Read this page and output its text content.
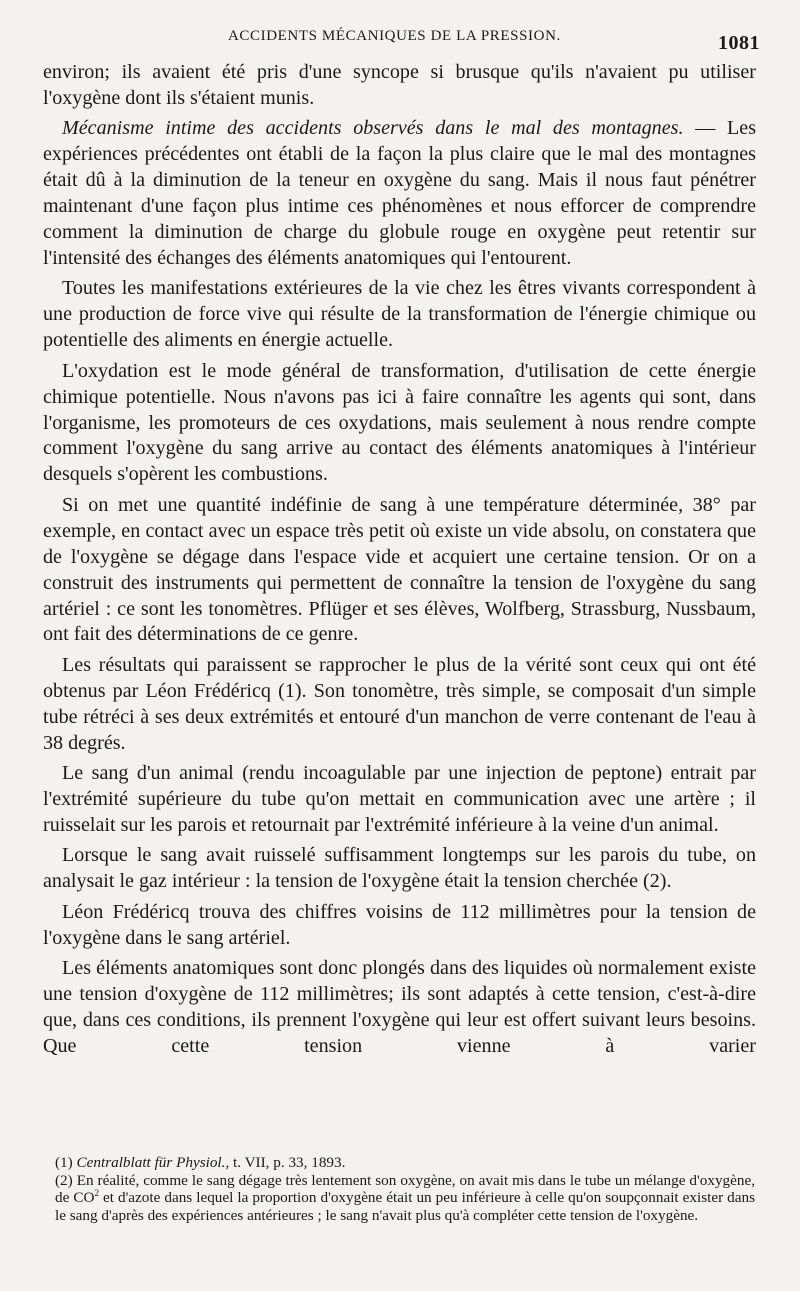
ACCIDENTS MÉCANIQUES DE LA PRESSION.	1081

environ; ils avaient été pris d'une syncope si brusque qu'ils n'avaient pu utiliser l'oxygène dont ils s'étaient munis.

Mécanisme intime des accidents observés dans le mal des montagnes. — Les expériences précédentes ont établi de la façon la plus claire que le mal des montagnes était dû à la diminution de la teneur en oxygène du sang. Mais il nous faut pénétrer maintenant d'une façon plus intime ces phénomènes et nous efforcer de comprendre comment la diminution de charge du globule rouge en oxygène peut retentir sur l'intensité des échanges des éléments anatomiques qui l'entourent.

Toutes les manifestations extérieures de la vie chez les êtres vivants correspondent à une production de force vive qui résulte de la transformation de l'énergie chimique ou potentielle des aliments en énergie actuelle.

L'oxydation est le mode général de transformation, d'utilisation de cette énergie chimique potentielle. Nous n'avons pas ici à faire connaître les agents qui sont, dans l'organisme, les promoteurs de ces oxydations, mais seulement à nous rendre compte comment l'oxygène du sang arrive au contact des éléments anatomiques à l'intérieur desquels s'opèrent les combustions.

Si on met une quantité indéfinie de sang à une température déterminée, 38° par exemple, en contact avec un espace très petit où existe un vide absolu, on constatera que de l'oxygène se dégage dans l'espace vide et acquiert une certaine tension. Or on a construit des instruments qui permettent de connaître la tension de l'oxygène du sang artériel : ce sont les tonomètres. Pflüger et ses élèves, Wolfberg, Strassburg, Nussbaum, ont fait des déterminations de ce genre.

Les résultats qui paraissent se rapprocher le plus de la vérité sont ceux qui ont été obtenus par Léon Frédéricq (1). Son tonomètre, très simple, se composait d'un simple tube rétréci à ses deux extrémités et entouré d'un manchon de verre contenant de l'eau à 38 degrés.

Le sang d'un animal (rendu incoagulable par une injection de peptone) entrait par l'extrémité supérieure du tube qu'on mettait en communication avec une artère ; il ruisselait sur les parois et retournait par l'extrémité inférieure à la veine d'un animal.

Lorsque le sang avait ruisselé suffisamment longtemps sur les parois du tube, on analysait le gaz intérieur : la tension de l'oxygène était la tension cherchée (2).

Léon Frédéricq trouva des chiffres voisins de 112 millimètres pour la tension de l'oxygène dans le sang artériel.

Les éléments anatomiques sont donc plongés dans des liquides où normalement existe une tension d'oxygène de 112 millimètres; ils sont adaptés à cette tension, c'est-à-dire que, dans ces conditions, ils prennent l'oxygène qui leur est offert suivant leurs besoins. Que cette tension vienne à varier

(1) Centralblatt für Physiol., t. VII, p. 33, 1893.

(2) En réalité, comme le sang dégage très lentement son oxygène, on avait mis dans le tube un mélange d'oxygène, de $CO^2$ et d'azote dans lequel la proportion d'oxygène était un peu inférieure à celle qu'on soupçonnait exister dans le sang d'après des expériences antérieures ; le sang n'avait plus qu'à compléter cette tension de l'oxygène.
